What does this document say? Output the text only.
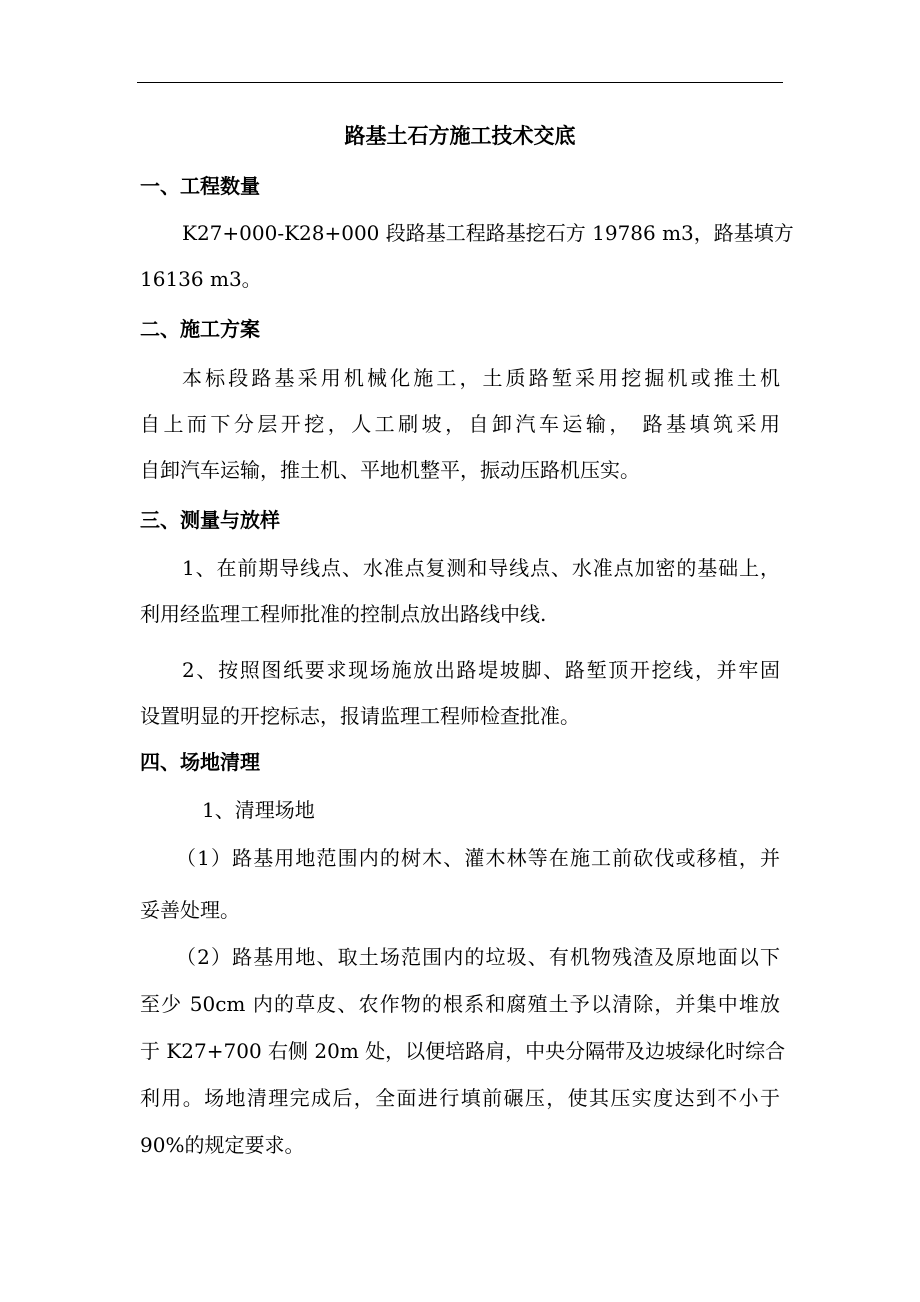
路基土石方施工技术交底
一、工程数量
K27+000-K28+000 段路基工程路基挖石方 19786 m3，路基填方
16136 m3。
二、施工方案
本标段路基采用机械化施工，土质路堑采用挖掘机或推土机
自上而下分层开挖，人工刷坡，自卸汽车运输， 路基填筑采用
自卸汽车运输，推土机、平地机整平，振动压路机压实。
三、测量与放样
1、在前期导线点、水准点复测和导线点、水准点加密的基础上，
利用经监理工程师批准的控制点放出路线中线.
2、按照图纸要求现场施放出路堤坡脚、路堑顶开挖线，并牢固
设置明显的开挖标志，报请监理工程师检查批准。
四、场地清理
1、清理场地
（1）路基用地范围内的树木、灌木林等在施工前砍伐或移植，并
妥善处理。
（2）路基用地、取土场范围内的垃圾、有机物残渣及原地面以下
至少 50cm 内的草皮、农作物的根系和腐殖土予以清除，并集中堆放
于 K27+700 右侧 20m 处，以便培路肩，中央分隔带及边坡绿化时综合
利用。场地清理完成后，全面进行填前碾压，使其压实度达到不小于
90%的规定要求。
